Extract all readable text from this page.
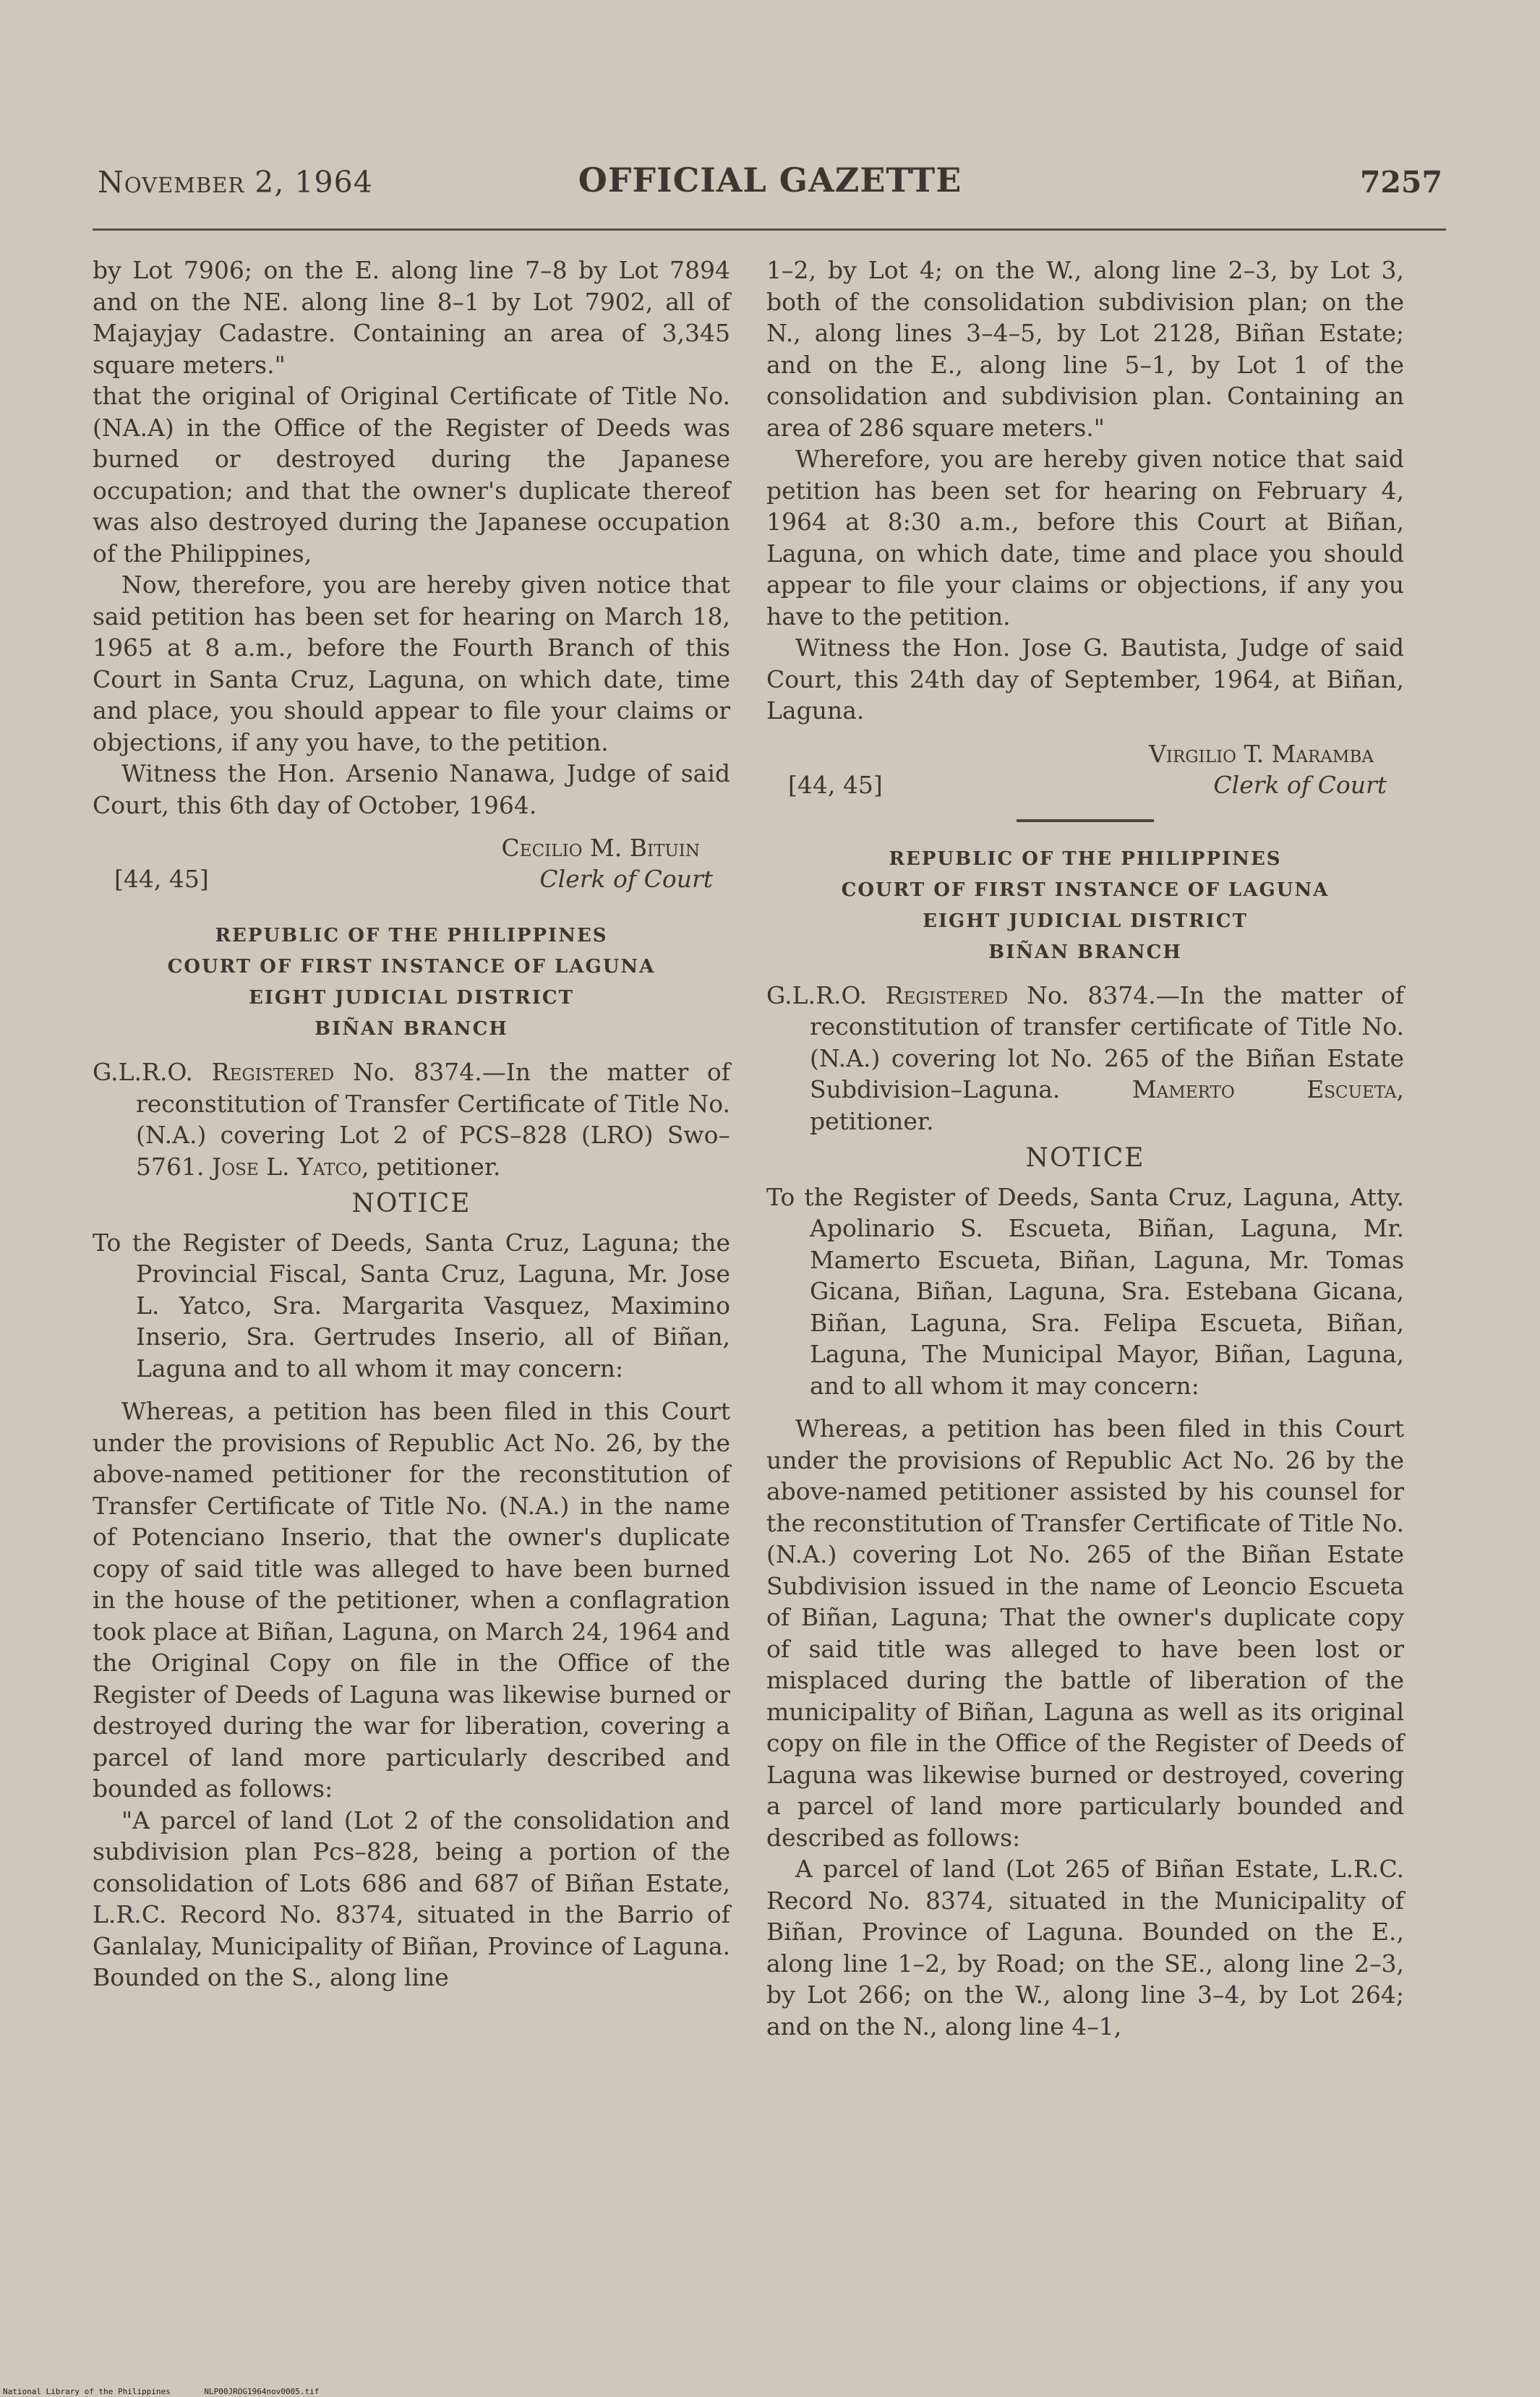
November 2, 1964	OFFICIAL GAZETTE	7257

by Lot 7906; on the E. along line 7–8 by Lot 7894 and on the NE. along line 8–1 by Lot 7902, all of Majayjay Cadastre. Containing an area of 3,345 square meters."

that the original of Original Certificate of Title No. (NA.A) in the Office of the Register of Deeds was burned or destroyed during the Japanese occupation; and that the owner's duplicate thereof was also destroyed during the Japanese occupation of the Philippines,

Now, therefore, you are hereby given notice that said petition has been set for hearing on March 18, 1965 at 8 a.m., before the Fourth Branch of this Court in Santa Cruz, Laguna, on which date, time and place, you should appear to file your claims or objections, if any you have, to the petition.

Witness the Hon. Arsenio Nanawa, Judge of said Court, this 6th day of October, 1964.

Cecilio M. Bituin
[44, 45]	Clerk of Court
REPUBLIC OF THE PHILIPPINES
COURT OF FIRST INSTANCE OF LAGUNA
EIGHT JUDICIAL DISTRICT
BIÑAN BRANCH

G.L.R.O. Registered No. 8374.—In the matter of reconstitution of Transfer Certificate of Title No. (N.A.) covering Lot 2 of PCS–828 (LRO) Swo–5761. Jose L. Yatco, petitioner.

NOTICE

To the Register of Deeds, Santa Cruz, Laguna; the Provincial Fiscal, Santa Cruz, Laguna, Mr. Jose L. Yatco, Sra. Margarita Vasquez, Maximino Inserio, Sra. Gertrudes Inserio, all of Biñan, Laguna and to all whom it may concern:

Whereas, a petition has been filed in this Court under the provisions of Republic Act No. 26, by the above-named petitioner for the reconstitution of Transfer Certificate of Title No. (N.A.) in the name of Potenciano Inserio, that the owner's duplicate copy of said title was alleged to have been burned in the house of the petitioner, when a conflagration took place at Biñan, Laguna, on March 24, 1964 and the Original Copy on file in the Office of the Register of Deeds of Laguna was likewise burned or destroyed during the war for liberation, covering a parcel of land more particularly described and bounded as follows:

"A parcel of land (Lot 2 of the consolidation and subdivision plan Pcs–828, being a portion of the consolidation of Lots 686 and 687 of Biñan Estate, L.R.C. Record No. 8374, situated in the Barrio of Ganlalay, Municipality of Biñan, Province of Laguna. Bounded on the S., along line

1–2, by Lot 4; on the W., along line 2–3, by Lot 3, both of the consolidation subdivision plan; on the N., along lines 3–4–5, by Lot 2128, Biñan Estate; and on the E., along line 5–1, by Lot 1 of the consolidation and subdivision plan. Containing an area of 286 square meters."

Wherefore, you are hereby given notice that said petition has been set for hearing on February 4, 1964 at 8:30 a.m., before this Court at Biñan, Laguna, on which date, time and place you should appear to file your claims or objections, if any you have to the petition.

Witness the Hon. Jose G. Bautista, Judge of said Court, this 24th day of September, 1964, at Biñan, Laguna.

Virgilio T. Maramba
[44, 45]	Clerk of Court
REPUBLIC OF THE PHILIPPINES
COURT OF FIRST INSTANCE OF LAGUNA
EIGHT JUDICIAL DISTRICT
BIÑAN BRANCH

G.L.R.O. Registered No. 8374.—In the matter of reconstitution of transfer certificate of Title No. (N.A.) covering lot No. 265 of the Biñan Estate Subdivision–Laguna.	Mamerto Escueta, petitioner.

NOTICE

To the Register of Deeds, Santa Cruz, Laguna, Atty. Apolinario S. Escueta, Biñan, Laguna, Mr. Mamerto Escueta, Biñan, Laguna, Mr. Tomas Gicana, Biñan, Laguna, Sra. Estebana Gicana, Biñan, Laguna, Sra. Felipa Escueta, Biñan, Laguna, The Municipal Mayor, Biñan, Laguna, and to all whom it may concern:

Whereas, a petition has been filed in this Court under the provisions of Republic Act No. 26 by the above-named petitioner assisted by his counsel for the reconstitution of Transfer Certificate of Title No. (N.A.) covering Lot No. 265 of the Biñan Estate Subdivision issued in the name of Leoncio Escueta of Biñan, Laguna; That the owner's duplicate copy of said title was alleged to have been lost or misplaced during the battle of liberation of the municipality of Biñan, Laguna as well as its original copy on file in the Office of the Register of Deeds of Laguna was likewise burned or destroyed, covering a parcel of land more particularly bounded and described as follows:

A parcel of land (Lot 265 of Biñan Estate, L.R.C. Record No. 8374, situated in the Municipality of Biñan, Province of Laguna. Bounded on the E., along line 1–2, by Road; on the SE., along line 2–3, by Lot 266; on the W., along line 3–4, by Lot 264; and on the N., along line 4–1,

National Library of the Philippines	NLP00JROG1964nov0005.tif
